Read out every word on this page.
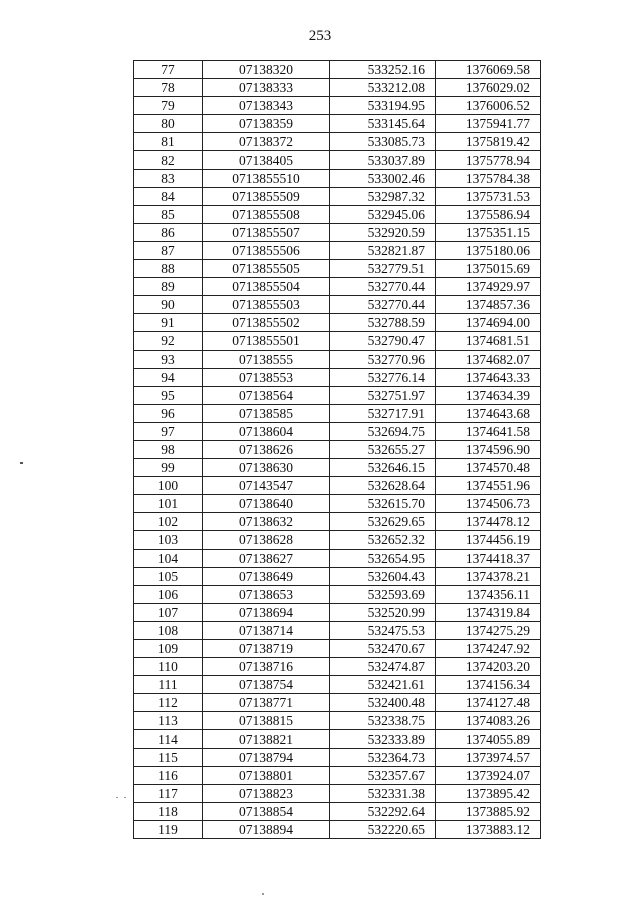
253
77	07138320	533252.16	1376069.58
78	07138333	533212.08	1376029.02
79	07138343	533194.95	1376006.52
80	07138359	533145.64	1375941.77
81	07138372	533085.73	1375819.42
82	07138405	533037.89	1375778.94
83	0713855510	533002.46	1375784.38
84	0713855509	532987.32	1375731.53
85	0713855508	532945.06	1375586.94
86	0713855507	532920.59	1375351.15
87	0713855506	532821.87	1375180.06
88	0713855505	532779.51	1375015.69
89	0713855504	532770.44	1374929.97
90	0713855503	532770.44	1374857.36
91	0713855502	532788.59	1374694.00
92	0713855501	532790.47	1374681.51
93	07138555	532770.96	1374682.07
94	07138553	532776.14	1374643.33
95	07138564	532751.97	1374634.39
96	07138585	532717.91	1374643.68
97	07138604	532694.75	1374641.58
98	07138626	532655.27	1374596.90
99	07138630	532646.15	1374570.48
100	07143547	532628.64	1374551.96
101	07138640	532615.70	1374506.73
102	07138632	532629.65	1374478.12
103	07138628	532652.32	1374456.19
104	07138627	532654.95	1374418.37
105	07138649	532604.43	1374378.21
106	07138653	532593.69	1374356.11
107	07138694	532520.99	1374319.84
108	07138714	532475.53	1374275.29
109	07138719	532470.67	1374247.92
110	07138716	532474.87	1374203.20
111	07138754	532421.61	1374156.34
112	07138771	532400.48	1374127.48
113	07138815	532338.75	1374083.26
114	07138821	532333.89	1374055.89
115	07138794	532364.73	1373974.57
116	07138801	532357.67	1373924.07
117	07138823	532331.38	1373895.42
118	07138854	532292.64	1373885.92
119	07138894	532220.65	1373883.12
